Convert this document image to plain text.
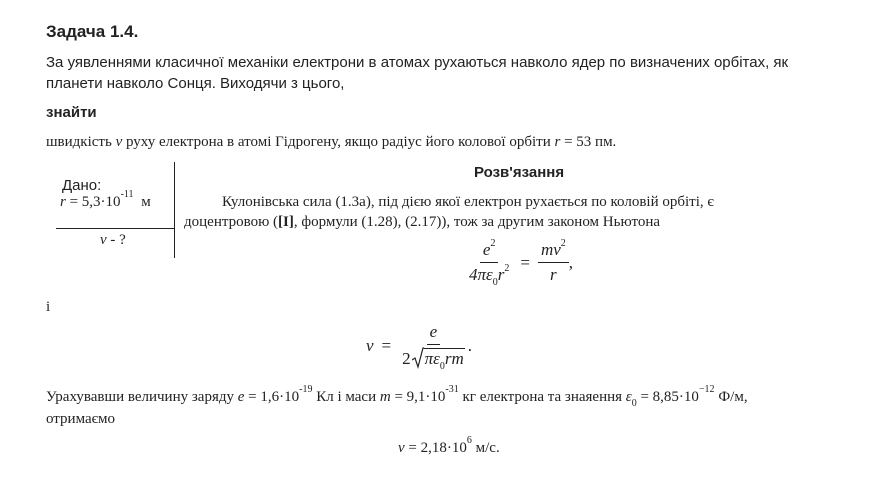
Задача 1.4.
За уявленнями класичної механіки електрони в атомах рухаються навколо ядер по визначених орбітах, як
планети навколо Сонця. Виходячи з цього,
знайти
швидкість v руху електрона в атомі Гідрогену, якщо радіус його колової орбіти r = 53 пм.
Дано:
$r = 5,3\cdot 10^{-11}$ м
v - ?
Розв'язання
Кулонівська сила (1.3а), під дією якої електрон рухається по коловій орбіті, є
доцентровою ([I], формули (1.28), (2.17)), тож за другим законом Ньютона
$\frac{e^2}{4\pi\varepsilon_0r^2} = \frac{mv^2}{r}$ ,
і
$v = \frac{e}{2 \pi\varepsilon_0rm}$ .
Урахувавши величину заряду $e = 1,6\cdot 10^{-19}$ Кл і маси $m = 9,1\cdot 10^{-31}$ кг електрона та знаяення $\varepsilon_0 = 8,85\cdot 10^{-12}$ Ф/м,
отримаємо
$v = 2,18\cdot 10^6$ м/с.
